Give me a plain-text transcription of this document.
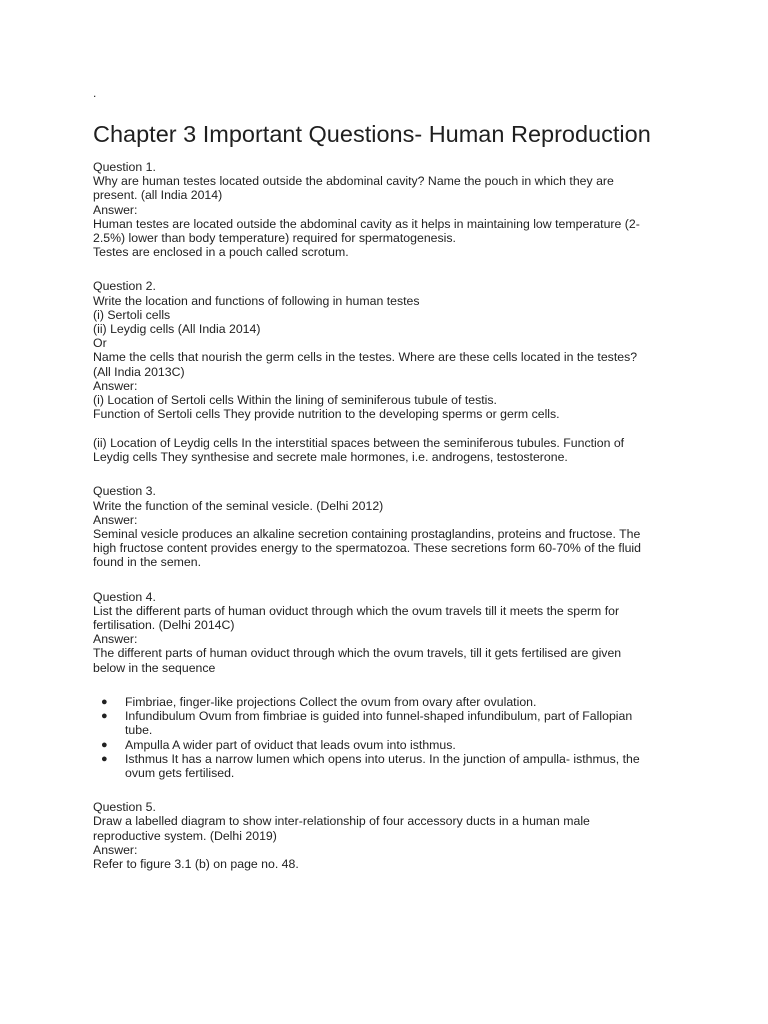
.
Chapter 3 Important Questions- Human Reproduction
Question 1.
Why are human testes located outside the abdominal cavity? Name the pouch in which they are
present. (all India 2014)
Answer:
Human testes are located outside the abdominal cavity as it helps in maintaining low temperature (2-
2.5%) lower than body temperature) required for spermatogenesis.
Testes are enclosed in a pouch called scrotum.
Question 2.
Write the location and functions of following in human testes
(i) Sertoli cells
(ii) Leydig cells (All India 2014)
Or
Name the cells that nourish the germ cells in the testes. Where are these cells located in the testes?
(All India 2013C)
Answer:
(i) Location of Sertoli cells Within the lining of seminiferous tubule of testis.
Function of Sertoli cells They provide nutrition to the developing sperms or germ cells.
(ii) Location of Leydig cells In the interstitial spaces between the seminiferous tubules. Function of
Leydig cells They synthesise and secrete male hormones, i.e. androgens, testosterone.
Question 3.
Write the function of the seminal vesicle. (Delhi 2012)
Answer:
Seminal vesicle produces an alkaline secretion containing prostaglandins, proteins and fructose. The
high fructose content provides energy to the spermatozoa. These secretions form 60-70% of the fluid
found in the semen.
Question 4.
List the different parts of human oviduct through which the ovum travels till it meets the sperm for
fertilisation. (Delhi 2014C)
Answer:
The different parts of human oviduct through which the ovum travels, till it gets fertilised are given
below in the sequence
● Fimbriae, finger-like projections Collect the ovum from ovary after ovulation.
● Infundibulum Ovum from fimbriae is guided into funnel-shaped infundibulum, part of Fallopian
tube.
● Ampulla A wider part of oviduct that leads ovum into isthmus.
● Isthmus It has a narrow lumen which opens into uterus. In the junction of ampulla- isthmus, the
ovum gets fertilised.
Question 5.
Draw a labelled diagram to show inter-relationship of four accessory ducts in a human male
reproductive system. (Delhi 2019)
Answer:
Refer to figure 3.1 (b) on page no. 48.
